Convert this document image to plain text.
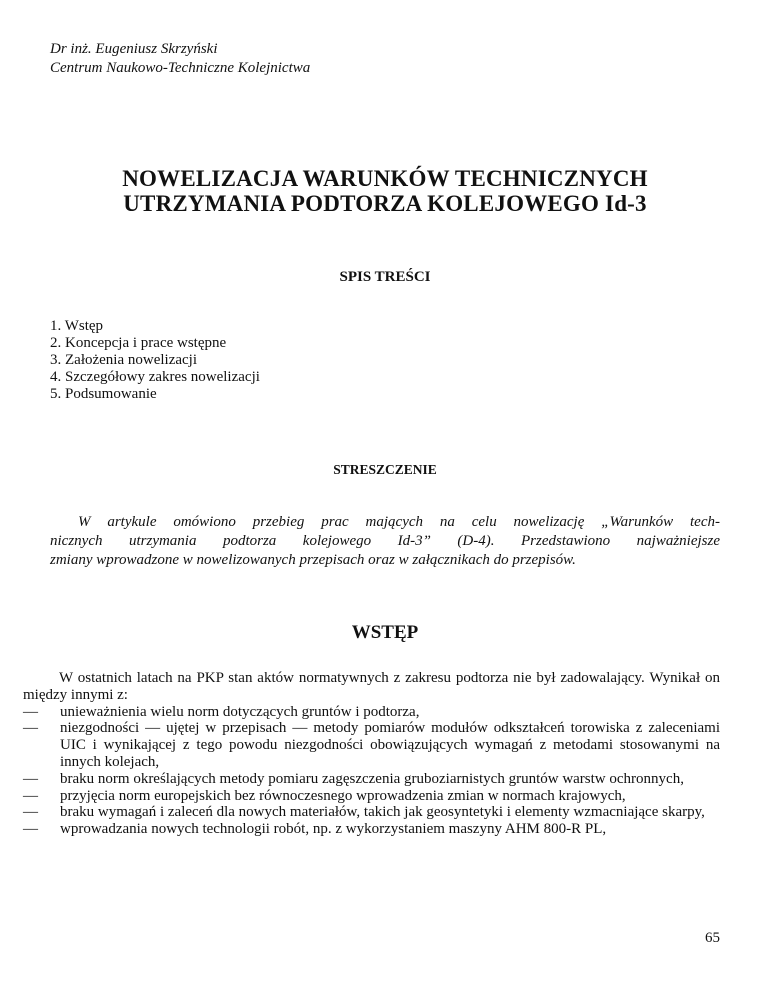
Dr inż. Eugeniusz Skrzyński
Centrum Naukowo-Techniczne Kolejnictwa
NOWELIZACJA WARUNKÓW TECHNICZNYCH
UTRZYMANIA PODTORZA KOLEJOWEGO Id-3
SPIS TREŚCI
1. Wstęp
2. Koncepcja i prace wstępne
3. Założenia nowelizacji
4. Szczegółowy zakres nowelizacji
5. Podsumowanie
STRESZCZENIE

W artykule omówiono przebieg prac mających na celu nowelizację „Warunków tech-
nicznych utrzymania podtorza kolejowego Id-3” (D-4). Przedstawiono najważniejsze
zmiany wprowadzone w nowelizowanych przepisach oraz w załącznikach do przepisów.

WSTĘP

W ostatnich latach na PKP stan aktów normatywnych z zakresu podtorza nie był zadowalający. Wynikał on między innymi z:

— unieważnienia wielu norm dotyczących gruntów i podtorza,
— niezgodności — ujętej w przepisach — metody pomiarów modułów odkształceń torowiska z zaleceniami UIC i wynikającej z tego powodu niezgodności obowiązujących wymagań z metodami stosowanymi na innych kolejach,
— braku norm określających metody pomiaru zagęszczenia gruboziarnistych gruntów warstw ochronnych,
— przyjęcia norm europejskich bez równoczesnego wprowadzenia zmian w normach krajowych,
— braku wymagań i zaleceń dla nowych materiałów, takich jak geosyntetyki i elementy wzmacniające skarpy,
— wprowadzania nowych technologii robót, np. z wykorzystaniem maszyny AHM 800-R PL,
65
